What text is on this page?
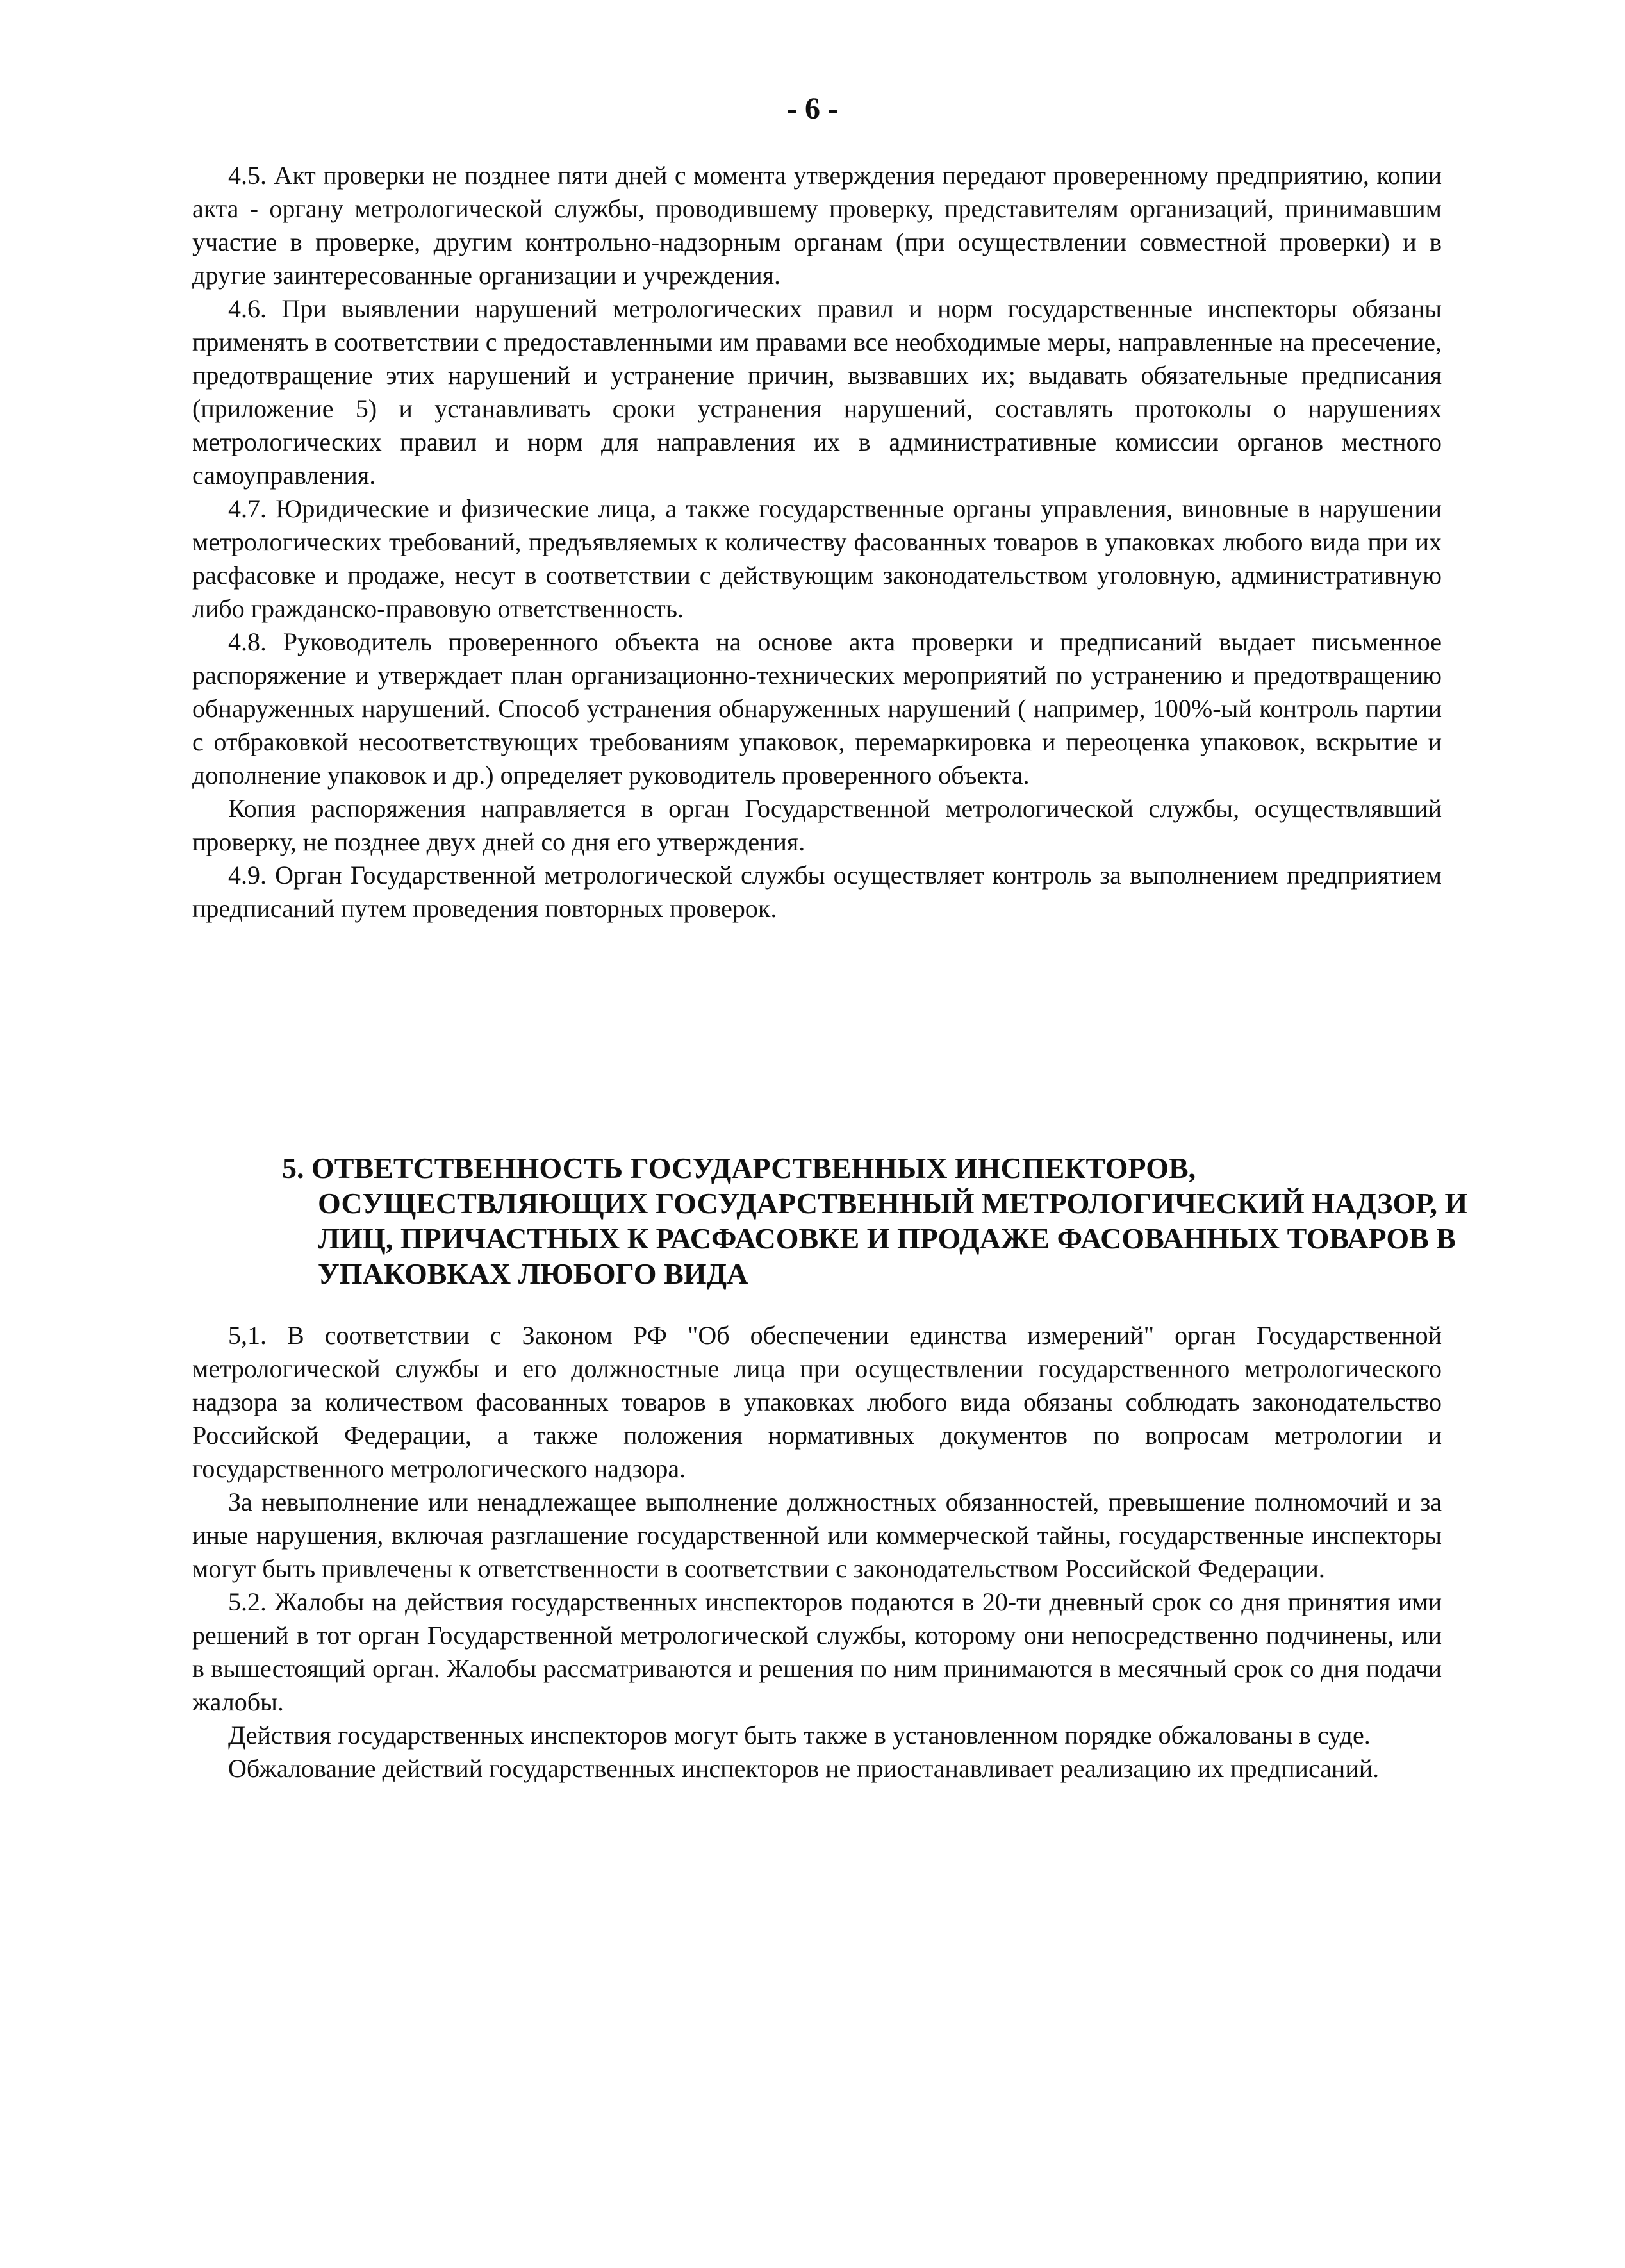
- 6 -

4.5. Акт проверки не позднее пяти дней с момента утверждения передают проверенному предприятию, копии акта - органу метрологической службы, проводившему проверку, представителям организаций, принимавшим участие в проверке, другим контрольно-надзорным органам (при осуществлении совместной проверки) и в другие заинтересованные организации и учреждения.

4.6. При выявлении нарушений метрологических правил и норм государственные инспекторы обязаны применять в соответствии с предоставленными им правами все необходимые меры, направленные на пресечение, предотвращение этих нарушений и устранение причин, вызвавших их; выдавать обязательные предписания (приложение 5) и устанавливать сроки устранения нарушений, составлять протоколы о нарушениях метрологических правил и норм для направления их в административные комиссии органов местного самоуправления.

4.7. Юридические и физические лица, а также государственные органы управления, виновные в нарушении метрологических требований, предъявляемых к количеству фасованных товаров в упаковках любого вида при их расфасовке и продаже, несут в соответствии с действующим законодательством уголовную, административную либо гражданско-правовую ответственность.

4.8. Руководитель проверенного объекта на основе акта проверки и предписаний выдает письменное распоряжение и утверждает план организационно-технических мероприятий по устранению и предотвращению обнаруженных нарушений. Способ устранения обнаруженных нарушений ( например, 100%-ый контроль партии с отбраковкой несоответствующих требованиям упаковок, перемаркировка и переоценка упаковок, вскрытие и дополнение упаковок и др.) определяет руководитель проверенного объекта.

Копия распоряжения направляется в орган Государственной метрологической службы, осуществлявший проверку, не позднее двух дней со дня его утверждения.

4.9. Орган Государственной метрологической службы осуществляет контроль за выполнением предприятием предписаний путем проведения повторных проверок.

5. ОТВЕТСТВЕННОСТЬ ГОСУДАРСТВЕННЫХ ИНСПЕКТОРОВ, ОСУЩЕСТВЛЯЮЩИХ ГОСУДАРСТВЕННЫЙ МЕТРОЛОГИЧЕСКИЙ НАДЗОР, И ЛИЦ, ПРИЧАСТНЫХ К РАСФАСОВКЕ И ПРОДАЖЕ ФАСОВАННЫХ ТОВАРОВ В УПАКОВКАХ ЛЮБОГО ВИДА

5,1. В соответствии с Законом РФ "Об обеспечении единства измерений" орган Государственной метрологической службы и его должностные лица при осуществлении государственного метрологического надзора за количеством фасованных товаров в упаковках любого вида обязаны соблюдать законодательство Российской Федерации, а также положения нормативных документов по вопросам метрологии и государственного метрологического надзора.

За невыполнение или ненадлежащее выполнение должностных обязанностей, превышение полномочий и за иные нарушения, включая разглашение государственной или коммерческой тайны, государственные инспекторы могут быть привлечены к ответственности в соответствии с законодательством Российской Федерации.

5.2. Жалобы на действия государственных инспекторов подаются в 20-ти дневный срок со дня принятия ими решений в тот орган Государственной метрологической службы, которому они непосредственно подчинены, или в вышестоящий орган. Жалобы рассматриваются и решения по ним принимаются в месячный срок со дня подачи жалобы.

Действия государственных инспекторов могут быть также в установленном порядке обжалованы в суде.

Обжалование действий государственных инспекторов не приостанавливает реализацию их предписаний.
